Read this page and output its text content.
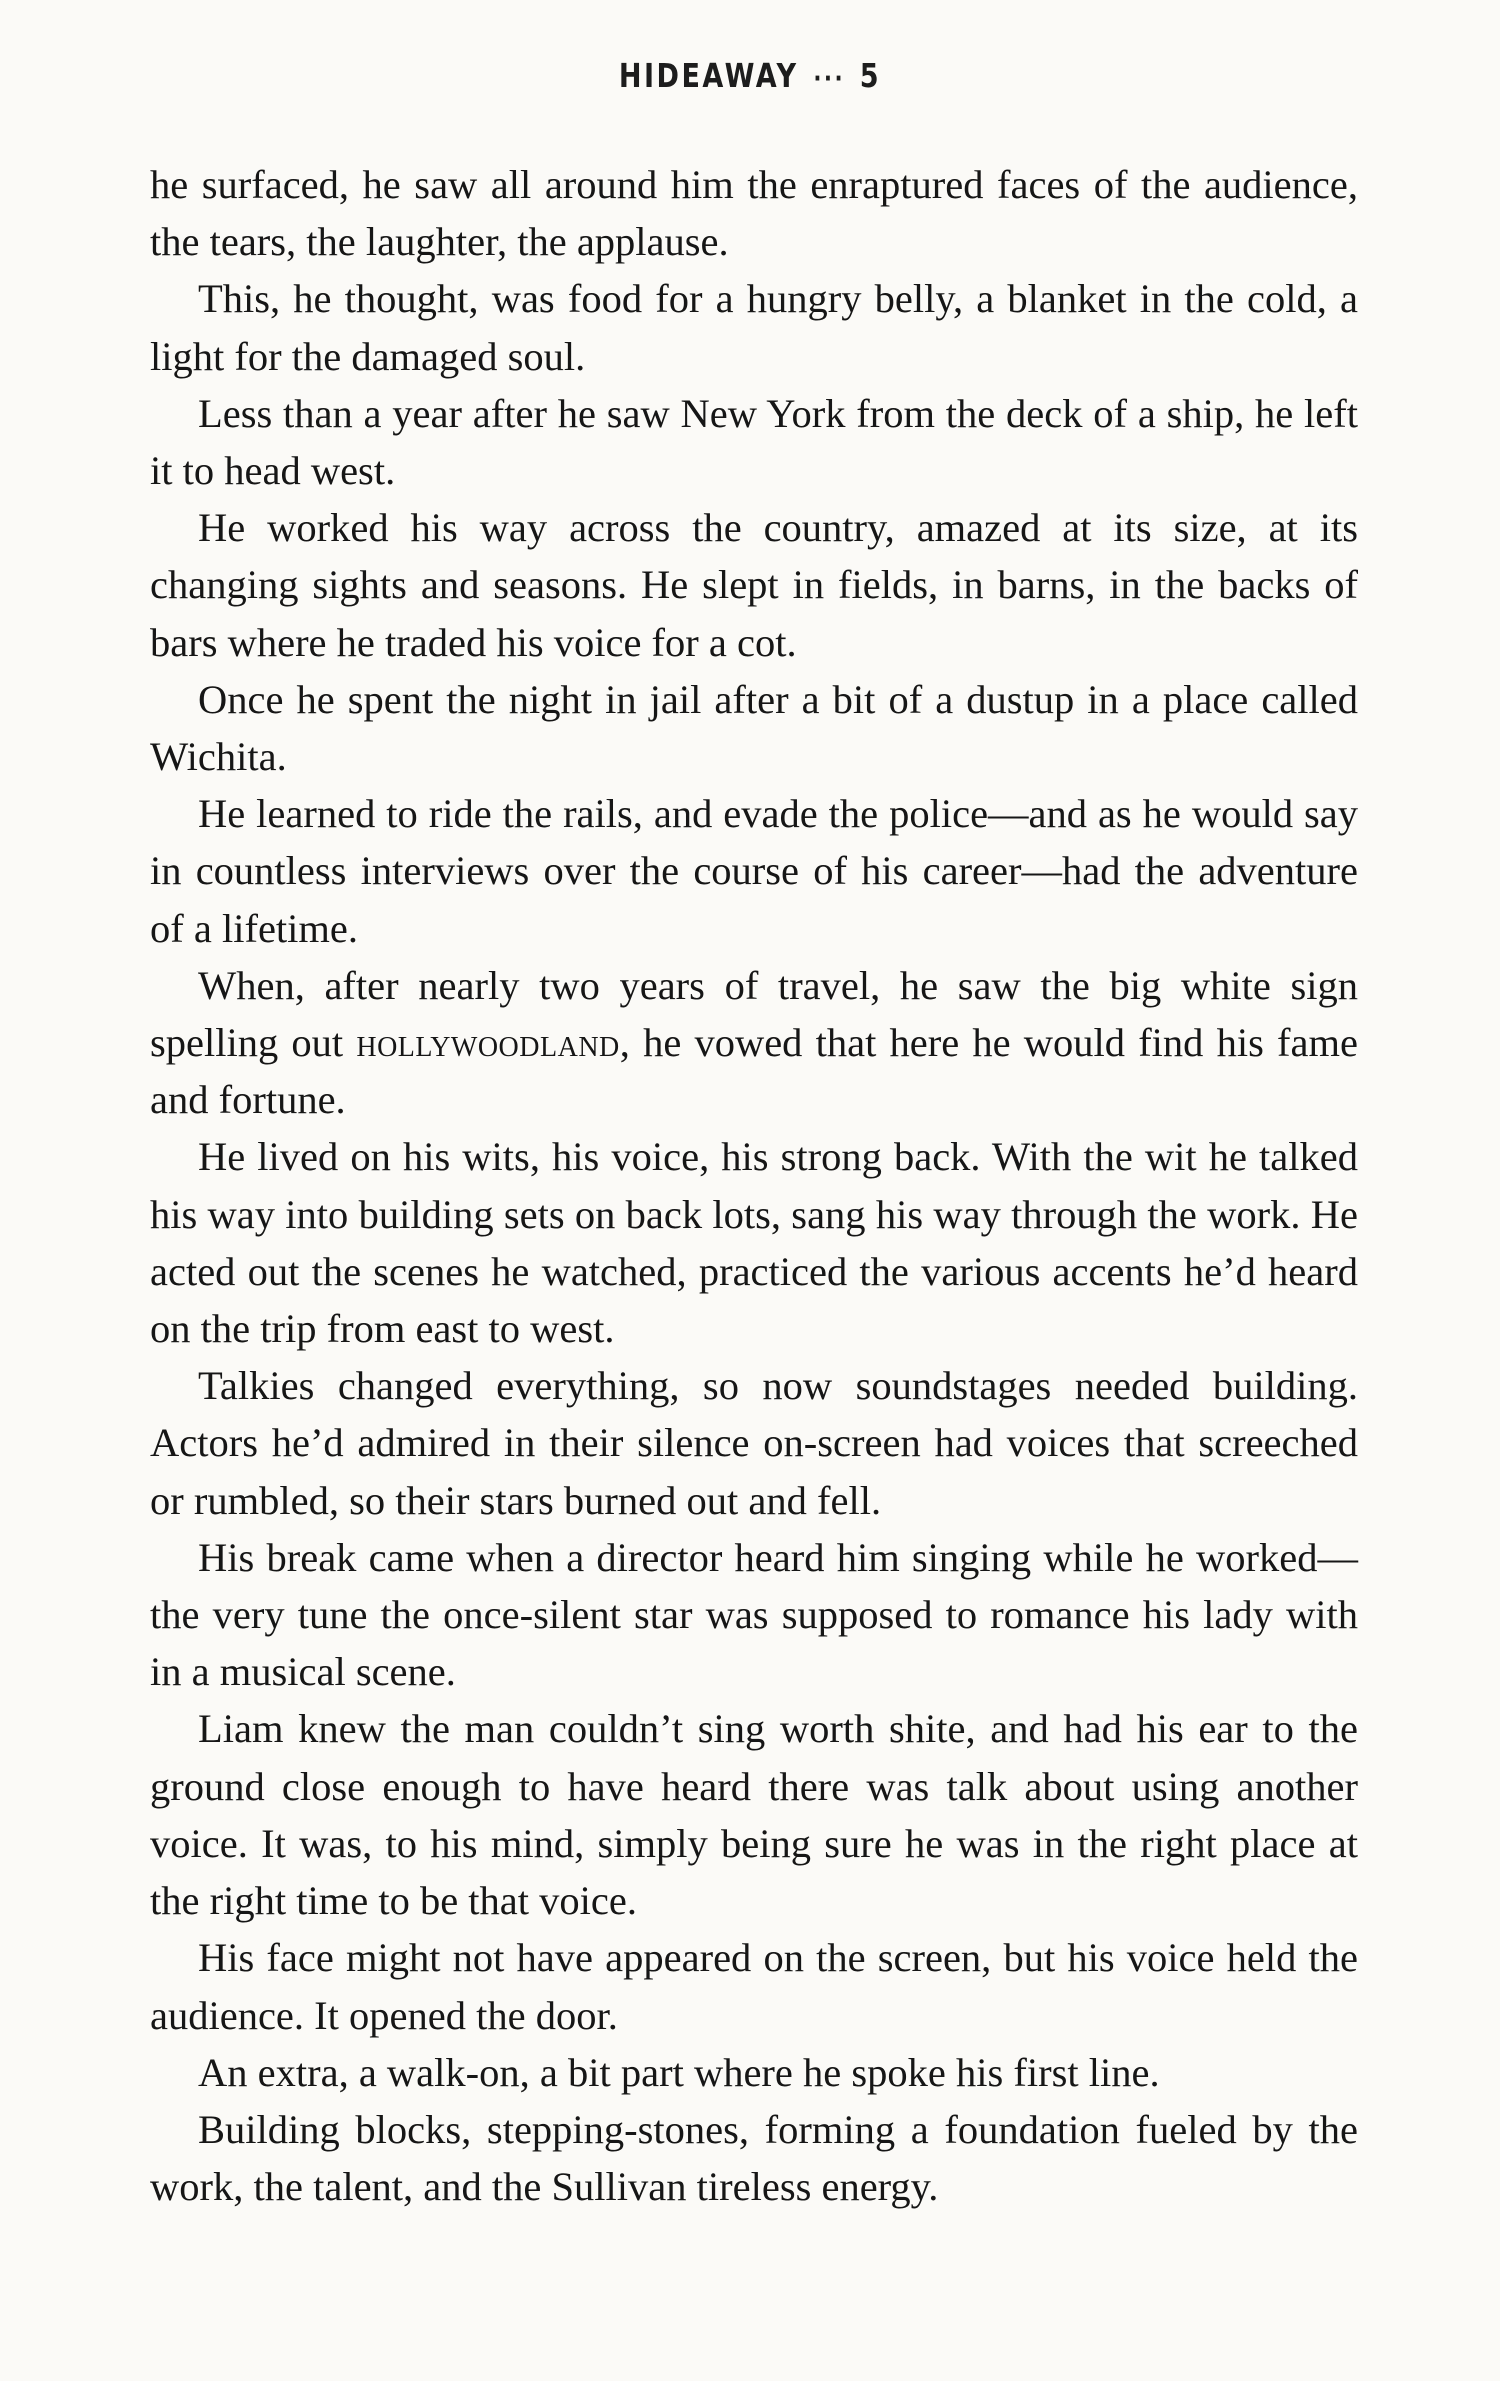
HIDEAWAY ··· 5

he surfaced, he saw all around him the enraptured faces of the audience, the tears, the laughter, the applause.

This, he thought, was food for a hungry belly, a blanket in the cold, a light for the damaged soul.

Less than a year after he saw New York from the deck of a ship, he left it to head west.

He worked his way across the country, amazed at its size, at its changing sights and seasons. He slept in fields, in barns, in the backs of bars where he traded his voice for a cot.

Once he spent the night in jail after a bit of a dustup in a place called Wichita.

He learned to ride the rails, and evade the police—and as he would say in countless interviews over the course of his career—had the adventure of a lifetime.

When, after nearly two years of travel, he saw the big white sign spelling out hollywoodland, he vowed that here he would find his fame and fortune.

He lived on his wits, his voice, his strong back. With the wit he talked his way into building sets on back lots, sang his way through the work. He acted out the scenes he watched, practiced the various accents he’d heard on the trip from east to west.

Talkies changed everything, so now soundstages needed building. Actors he’d admired in their silence on-screen had voices that screeched or rumbled, so their stars burned out and fell.

His break came when a director heard him singing while he worked—the very tune the once-silent star was supposed to romance his lady with in a musical scene.

Liam knew the man couldn’t sing worth shite, and had his ear to the ground close enough to have heard there was talk about using another voice. It was, to his mind, simply being sure he was in the right place at the right time to be that voice.

His face might not have appeared on the screen, but his voice held the audience. It opened the door.

An extra, a walk-on, a bit part where he spoke his first line.

Building blocks, stepping-stones, forming a foundation fueled by the work, the talent, and the Sullivan tireless energy.
